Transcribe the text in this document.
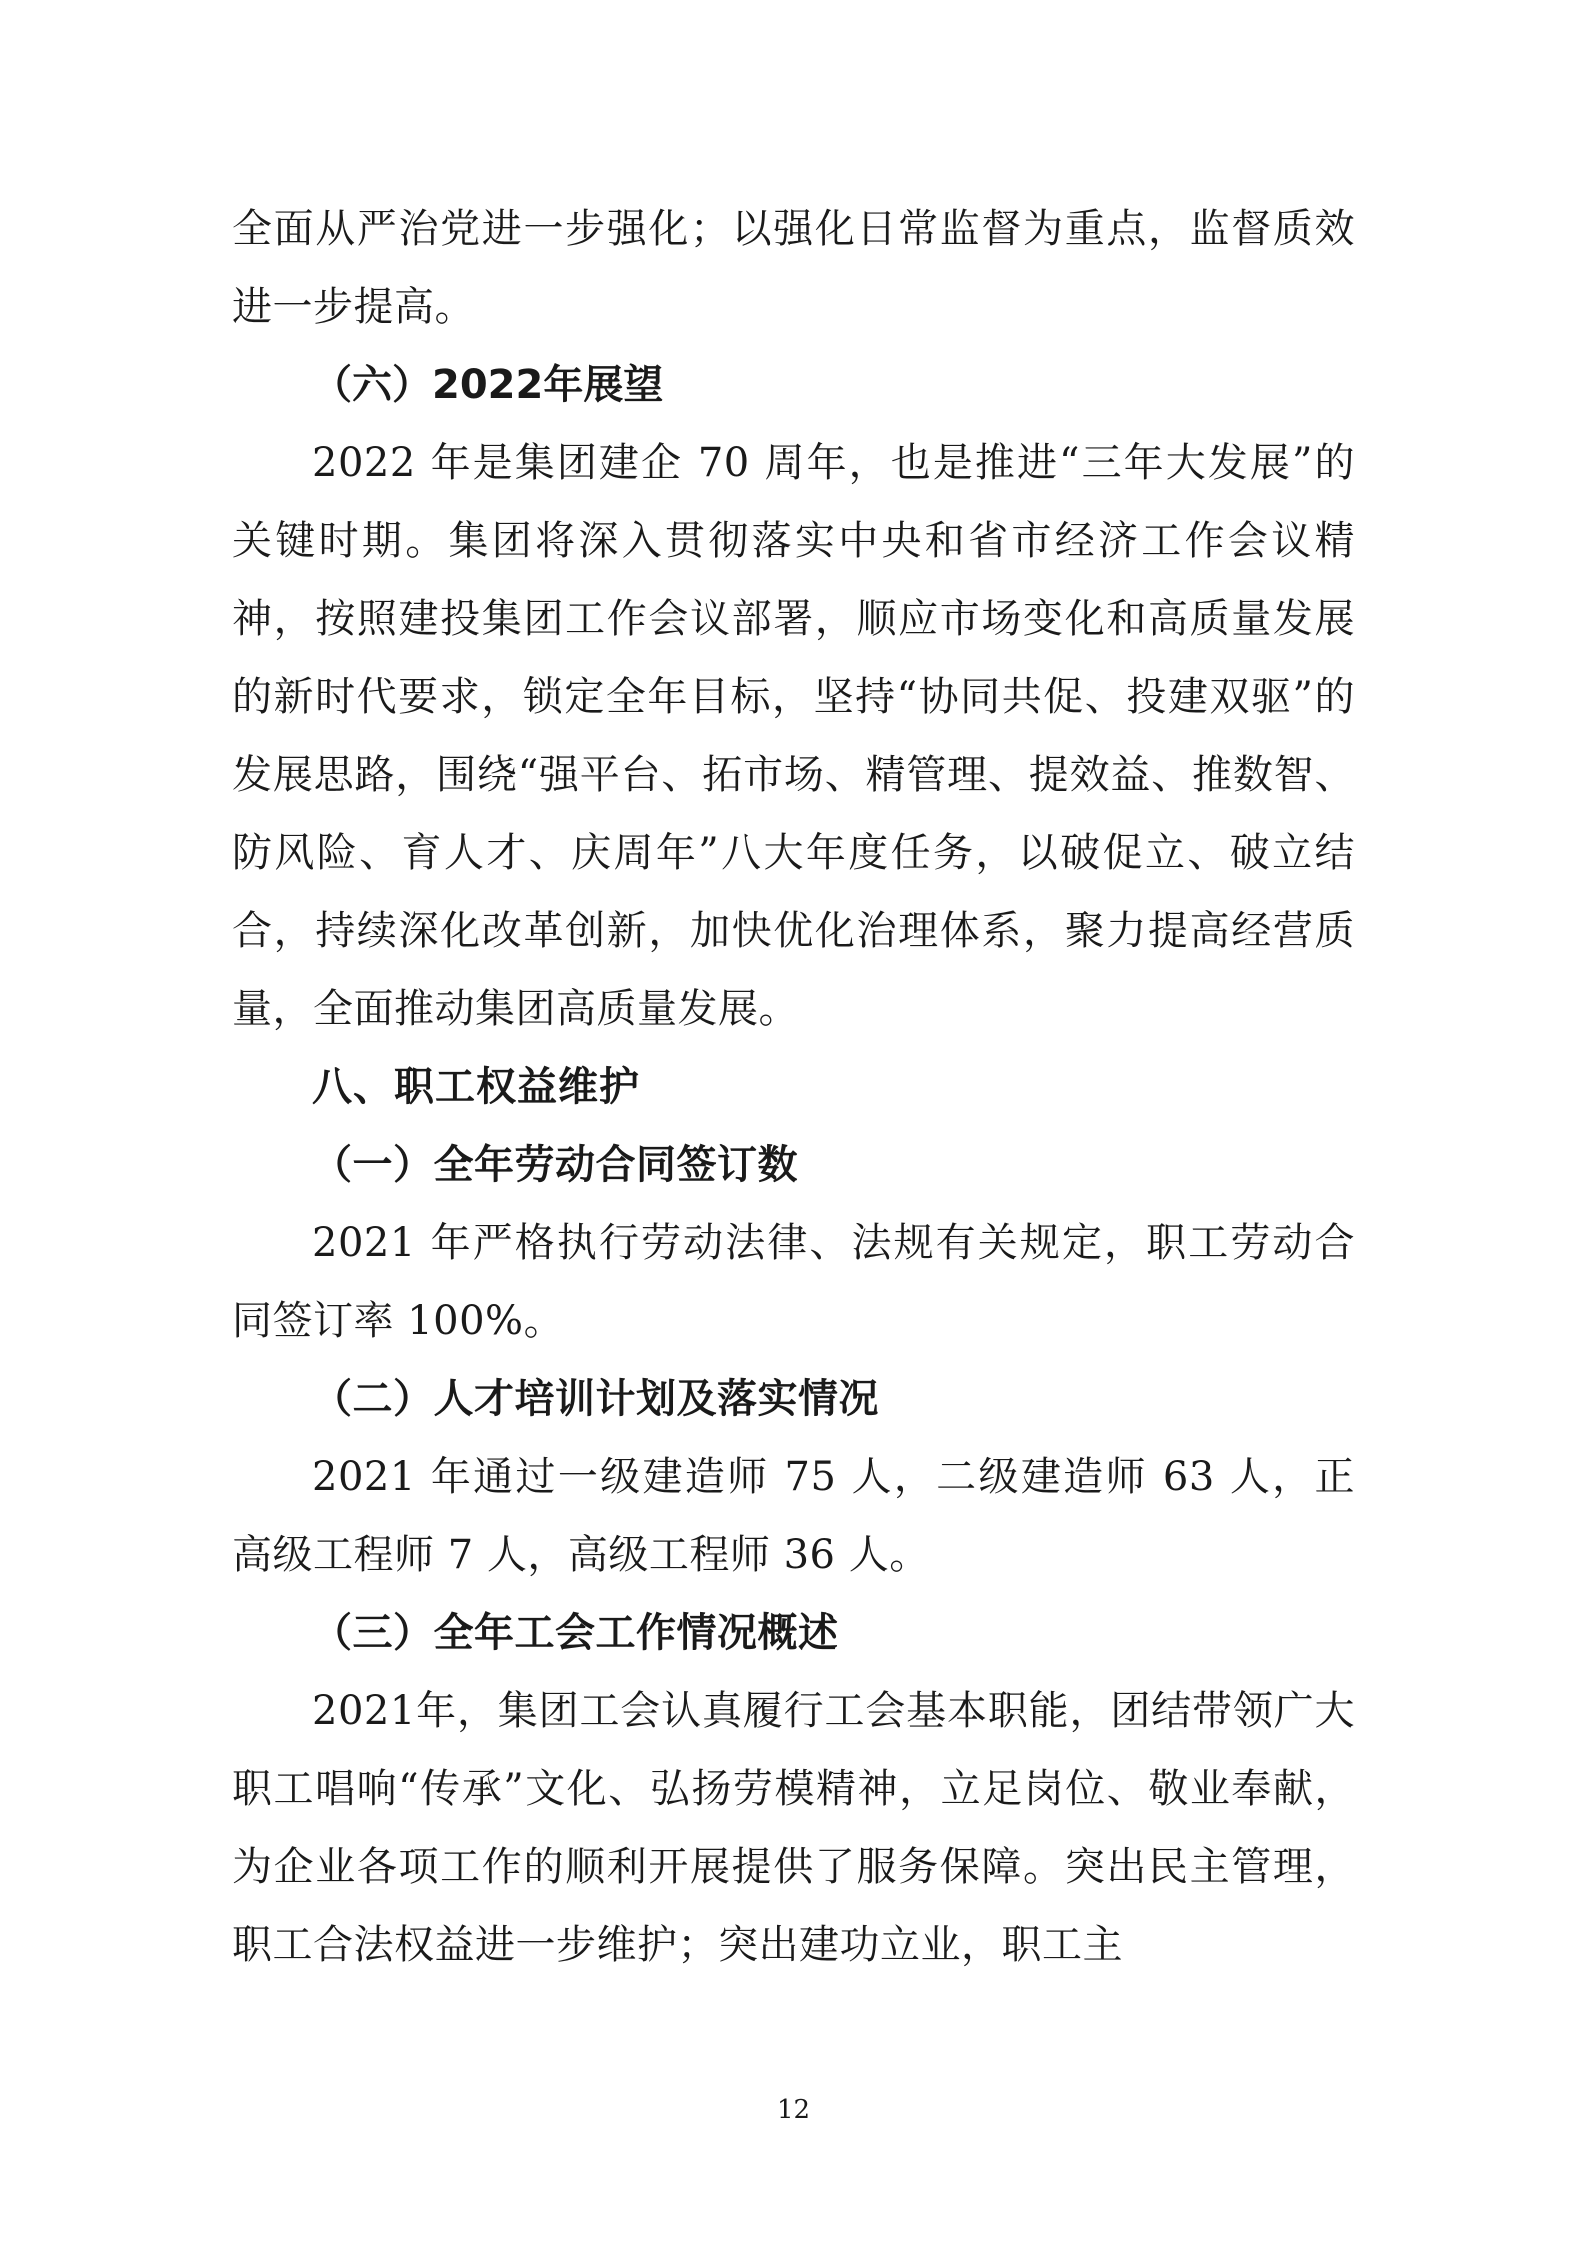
全面从严治党进一步强化；以强化日常监督为重点，监督质效进一步提高。

（六）2022年展望

2022 年是集团建企 70 周年，也是推进“三年大发展”的关键时期。集团将深入贯彻落实中央和省市经济工作会议精神，按照建投集团工作会议部署，顺应市场变化和高质量发展的新时代要求，锁定全年目标，坚持“协同共促、投建双驱”的发展思路，围绕“强平台、拓市场、精管理、提效益、推数智、防风险、育人才、庆周年”八大年度任务，以破促立、破立结合，持续深化改革创新，加快优化治理体系，聚力提高经营质量，全面推动集团高质量发展。

八、职工权益维护

（一）全年劳动合同签订数

2021 年严格执行劳动法律、法规有关规定，职工劳动合同签订率 100%。

（二）人才培训计划及落实情况

2021 年通过一级建造师 75 人，二级建造师 63 人，正高级工程师 7 人，高级工程师 36 人。

（三）全年工会工作情况概述

2021年，集团工会认真履行工会基本职能，团结带领广大职工唱响“传承”文化、弘扬劳模精神，立足岗位、敬业奉献，为企业各项工作的顺利开展提供了服务保障。突出民主管理，职工合法权益进一步维护；突出建功立业，职工主

12
